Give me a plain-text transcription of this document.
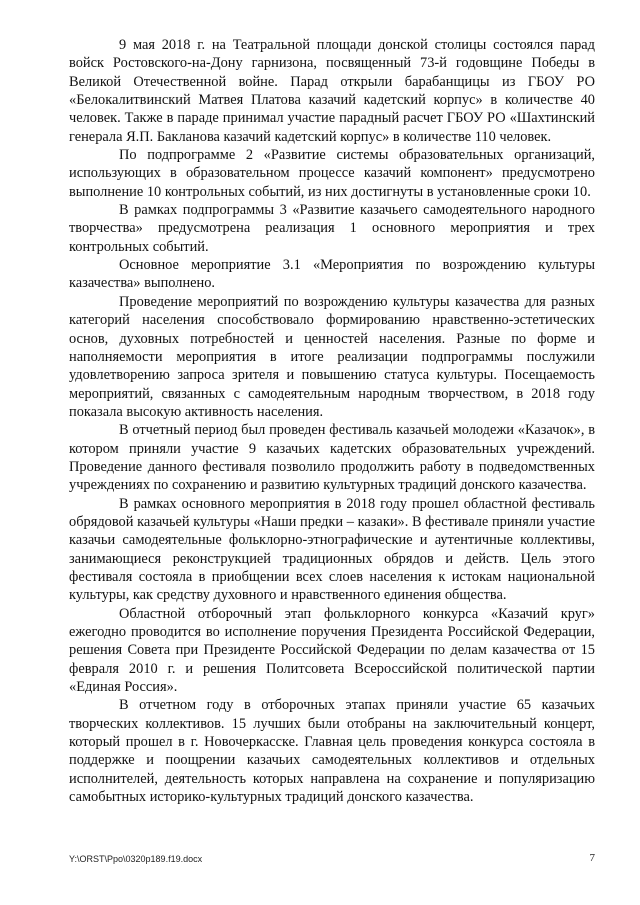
9 мая 2018 г. на Театральной площади донской столицы состоялся парад войск Ростовского-на-Дону гарнизона, посвященный 73-й годовщине Победы в Великой Отечественной войне. Парад открыли барабанщицы из ГБОУ РО «Белокалитвинский Матвея Платова казачий кадетский корпус» в количестве 40 человек. Также в параде принимал участие парадный расчет ГБОУ РО «Шахтинский генерала Я.П. Бакланова казачий кадетский корпус» в количестве 110 человек.

По подпрограмме 2 «Развитие системы образовательных организаций, использующих в образовательном процессе казачий компонент» предусмотрено выполнение 10 контрольных событий, из них достигнуты в установленные сроки 10.

В рамках подпрограммы 3 «Развитие казачьего самодеятельного народного творчества» предусмотрена реализация 1 основного мероприятия и трех контрольных событий.

Основное мероприятие 3.1 «Мероприятия по возрождению культуры казачества» выполнено.

Проведение мероприятий по возрождению культуры казачества для разных категорий населения способствовало формированию нравственно-эстетических основ, духовных потребностей и ценностей населения. Разные по форме и наполняемости мероприятия в итоге реализации подпрограммы послужили удовлетворению запроса зрителя и повышению статуса культуры. Посещаемость мероприятий, связанных с самодеятельным народным творчеством, в 2018 году показала высокую активность населения.

В отчетный период был проведен фестиваль казачьей молодежи «Казачок», в котором приняли участие 9 казачьих кадетских образовательных учреждений. Проведение данного фестиваля позволило продолжить работу в подведомственных учреждениях по сохранению и развитию культурных традиций донского казачества.

В рамках основного мероприятия в 2018 году прошел областной фестиваль обрядовой казачьей культуры «Наши предки – казаки». В фестивале приняли участие казачьи самодеятельные фольклорно-этнографические и аутентичные коллективы, занимающиеся реконструкцией традиционных обрядов и действ. Цель этого фестиваля состояла в приобщении всех слоев населения к истокам национальной культуры, как средству духовного и нравственного единения общества.

Областной отборочный этап фольклорного конкурса «Казачий круг» ежегодно проводится во исполнение поручения Президента Российской Федерации, решения Совета при Президенте Российской Федерации по делам казачества от 15 февраля 2010 г. и решения Политсовета Всероссийской политической партии «Единая Россия».

В отчетном году в отборочных этапах приняли участие 65 казачьих творческих коллективов. 15 лучших были отобраны на заключительный концерт, который прошел в г. Новочеркасске. Главная цель проведения конкурса состояла в поддержке и поощрении казачьих самодеятельных коллективов и отдельных исполнителей, деятельность которых направлена на сохранение и популяризацию самобытных историко-культурных традиций донского казачества.

Y:\ORST\Ppo\0320p189.f19.docx	7
